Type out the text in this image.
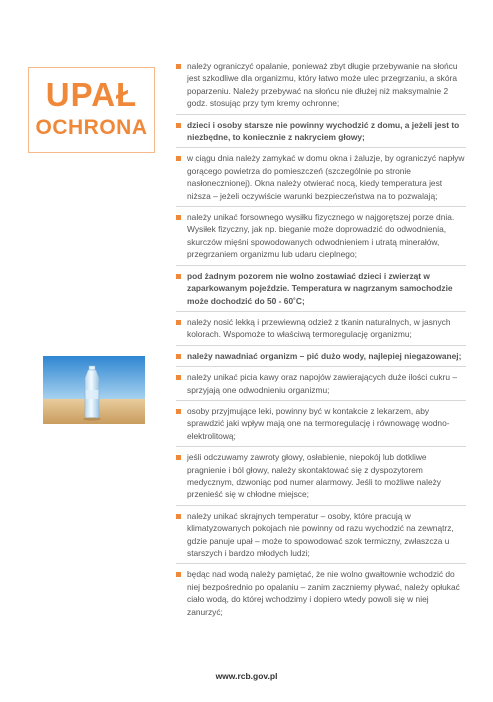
UPAŁ
OCHRONA
należy ograniczyć opalanie, ponieważ zbyt długie przebywanie na słońcu jest szkodliwe dla organizmu, który łatwo może ulec przegrzaniu, a skóra poparzeniu. Należy przebywać na słońcu nie dłużej niż maksymalnie 2 godz. stosując przy tym kremy ochronne;
dzieci i osoby starsze nie powinny wychodzić z domu, a jeżeli jest to niezbędne, to koniecznie z nakryciem głowy;
w ciągu dnia należy zamykać w domu okna i żaluzje, by ograniczyć napływ gorącego powietrza do pomieszczeń (szczególnie po stronie nasłonecznionej). Okna należy otwierać nocą, kiedy temperatura jest niższa – jeżeli oczywiście warunki bezpieczeństwa na to pozwalają;
należy unikać forsownego wysiłku fizycznego w najgorętszej porze dnia. Wysiłek fizyczny, jak np. bieganie może doprowadzić do odwodnienia, skurczów mięśni spowodowanych odwodnieniem i utratą minerałów, przegrzaniem organizmu lub udaru cieplnego;
pod żadnym pozorem nie wolno zostawiać dzieci i zwierząt w zaparkowanym pojeździe. Temperatura w nagrzanym samochodzie może dochodzić do 50 - 60˚C;
należy nosić lekką i przewiewną odzież z tkanin naturalnych, w jasnych kolorach. Wspomoże to właściwą termoregulację organizmu;
należy nawadniać organizm – pić dużo wody, najlepiej niegazowanej;
należy unikać picia kawy oraz napojów zawierających duże ilości cukru – sprzyjają one odwodnieniu organizmu;
osoby przyjmujące leki, powinny być w kontakcie z lekarzem, aby sprawdzić jaki wpływ mają one na termoregulację i równowagę wodno-elektrolitową;
jeśli odczuwamy zawroty głowy, osłabienie, niepokój lub dotkliwe pragnienie i ból głowy, należy skontaktować się z dyspozytorem medycznym, dzwoniąc pod numer alarmowy. Jeśli to możliwe należy przenieść się w chłodne miejsce;
należy unikać skrajnych temperatur – osoby, które pracują w klimatyzowanych pokojach nie powinny od razu wychodzić na zewnątrz, gdzie panuje upał – może to spowodować szok termiczny, zwłaszcza u starszych i bardzo młodych ludzi;
będąc nad wodą należy pamiętać, że nie wolno gwałtownie wchodzić do niej bezpośrednio po opalaniu – zanim zaczniemy pływać, należy opłukać ciało wodą, do której wchodzimy i dopiero wtedy powoli się w niej zanurzyć;
www.rcb.gov.pl
